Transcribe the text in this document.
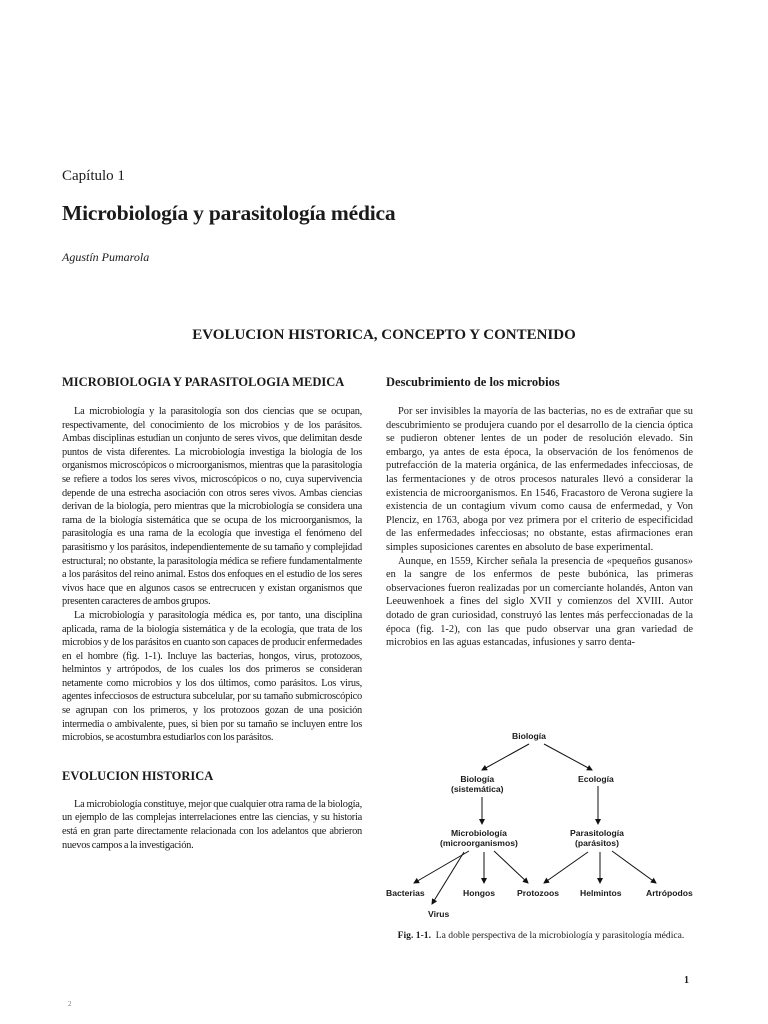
Capítulo 1
Microbiología y parasitología médica
Agustín Pumarola
EVOLUCION HISTORICA, CONCEPTO Y CONTENIDO
MICROBIOLOGIA Y PARASITOLOGIA MEDICA

La microbiología y la parasitología son dos ciencias que se ocupan, respectivamente, del conocimiento de los microbios y de los parásitos. Ambas disciplinas estudian un conjunto de seres vivos, que delimitan desde puntos de vista diferentes. La microbiología investiga la biología de los organismos microscópicos o microorganismos, mientras que la parasitología se refiere a todos los seres vivos, microscópicos o no, cuya supervivencia depende de una estrecha asociación con otros seres vivos. Ambas ciencias derivan de la biología, pero mientras que la microbiología se considera una rama de la biología sistemática que se ocupa de los microorganismos, la parasitología es una rama de la ecología que investiga el fenómeno del parasitismo y los parásitos, independientemente de su tamaño y complejidad estructural; no obstante, la parasitología médica se refiere fundamentalmente a los parásitos del reino animal. Estos dos enfoques en el estudio de los seres vivos hace que en algunos casos se entrecrucen y existan organismos que presenten caracteres de ambos grupos.

La microbiología y parasitología médica es, por tanto, una disciplina aplicada, rama de la biología sistemática y de la ecología, que trata de los microbios y de los parásitos en cuanto son capaces de producir enfermedades en el hombre (fig. 1-1). Incluye las bacterias, hongos, virus, protozoos, helmintos y artrópodos, de los cuales los dos primeros se consideran netamente como microbios y los dos últimos, como parásitos. Los virus, agentes infecciosos de estructura subcelular, por su tamaño submicroscópico se agrupan con los primeros, y los protozoos gozan de una posición intermedia o ambivalente, pues, si bien por su tamaño se incluyen entre los microbios, se acostumbra estudiarlos con los parásitos.

EVOLUCION HISTORICA

La microbiología constituye, mejor que cualquier otra rama de la biología, un ejemplo de las complejas interrelaciones entre las ciencias, y su historia está en gran parte directamente relacionada con los adelantos que abrieron nuevos campos a la investigación.

Descubrimiento de los microbios

Por ser invisibles la mayoría de las bacterias, no es de extrañar que su descubrimiento se produjera cuando por el desarrollo de la ciencia óptica se pudieron obtener lentes de un poder de resolución elevado. Sin embargo, ya antes de esta época, la observación de los fenómenos de putrefacción de la materia orgánica, de las enfermedades infecciosas, de las fermentaciones y de otros procesos naturales llevó a considerar la existencia de microorganismos. En 1546, Fracastoro de Verona sugiere la existencia de un contagium vivum como causa de enfermedad, y Von Plenciz, en 1763, aboga por vez primera por el criterio de especificidad de las enfermedades infecciosas; no obstante, estas afirmaciones eran simples suposiciones carentes en absoluto de base experimental.

Aunque, en 1559, Kircher señala la presencia de «pequeños gusanos» en la sangre de los enfermos de peste bubónica, las primeras observaciones fueron realizadas por un comerciante holandés, Anton van Leeuwenhoek a fines del siglo XVII y comienzos del XVIII. Autor dotado de gran curiosidad, construyó las lentes más perfeccionadas de la época (fig. 1-2), con las que pudo observar una gran variedad de microbios en las aguas estancadas, infusiones y sarro denta-

Biología
Biología
(sistemática)
Ecología
Microbiología
(microorganismos)
Parasitología
(parásitos)
Bacterias	Hongos	Protozoos Helmintos	Artrópodos
Virus
Fig. 1-1. La doble perspectiva de la microbiología y parasitología médica.
1
2
